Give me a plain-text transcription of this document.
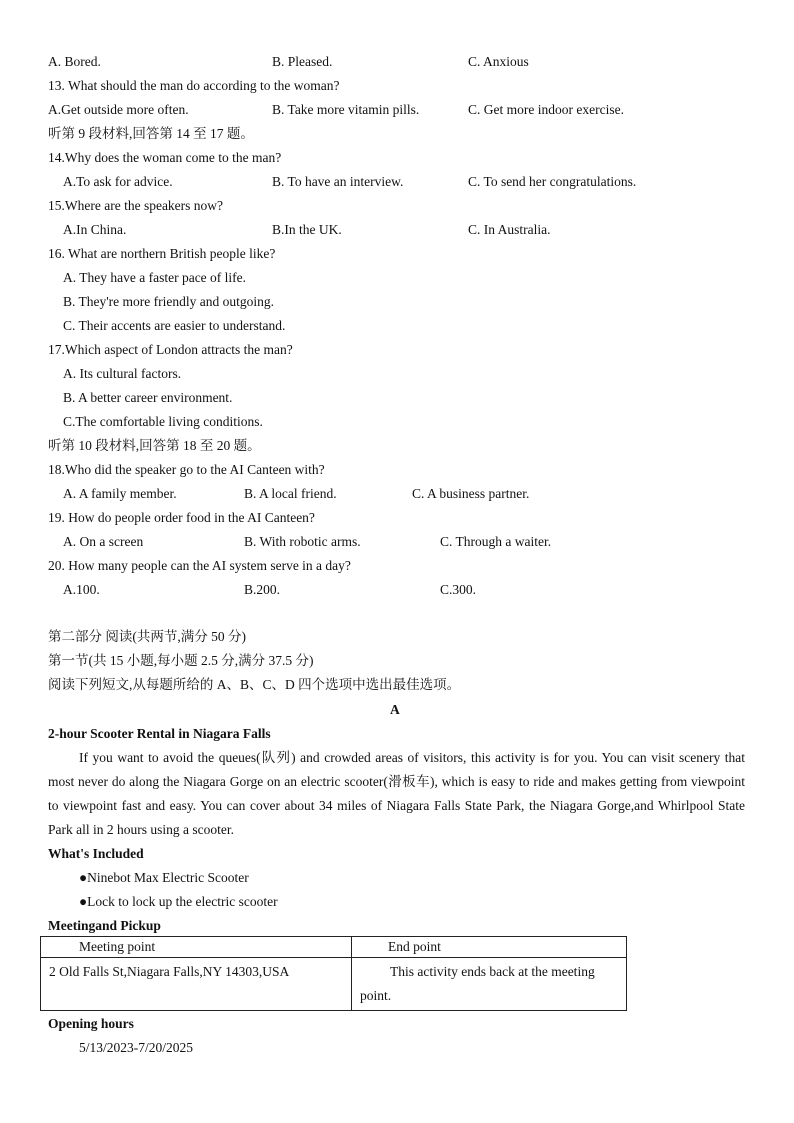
A. Bored.	B. Pleased.	C. Anxious
13. What should the man do according to the woman?
A.Get outside more often.	B. Take more vitamin pills.	C. Get more indoor exercise.
听第 9 段材料,回答第 14 至 17 题。
14.Why does the woman come to the man?
A.To ask for advice.	B. To have an interview.	C. To send her congratulations.
15.Where are the speakers now?
A.In China.	B.In the UK.	C. In Australia.
16. What are northern British people like?
A. They have a faster pace of life.
B. They're more friendly and outgoing.
C. Their accents are easier to understand.
17.Which aspect of London attracts the man?
A. Its cultural factors.
B. A better career environment.
C.The comfortable living conditions.
听第 10 段材料,回答第 18 至 20 题。
18.Who did the speaker go to the AI Canteen with?
A. A family member.	B. A local friend.	C. A business partner.
19. How do people order food in the AI Canteen?
A. On a screen	B. With robotic arms.	C. Through a waiter.
20. How many people can the AI system serve in a day?
A.100.	B.200.	C.300.
第二部分 阅读(共两节,满分 50 分)
第一节(共 15 小题,每小题 2.5 分,满分 37.5 分)
阅读下列短文,从每题所给的 A、B、C、D 四个选项中选出最佳选项。
A
2-hour Scooter Rental in Niagara Falls
If you want to avoid the queues(队列) and crowded areas of visitors, this activity is for you. You can visit scenery that most never do along the Niagara Gorge on an electric scooter(滑板车), which is easy to ride and makes getting from viewpoint to viewpoint fast and easy. You can cover about 34 miles of Niagara Falls State Park, the Niagara Gorge,and Whirlpool State Park all in 2 hours using a scooter.
What's Included
●Ninebot Max Electric Scooter
●Lock to lock up the electric scooter
Meetingand Pickup
Meeting point	End point
2 Old Falls St,Niagara Falls,NY 14303,USA	This activity ends back at the meeting point.
Opening hours
5/13/2023-7/20/2025
